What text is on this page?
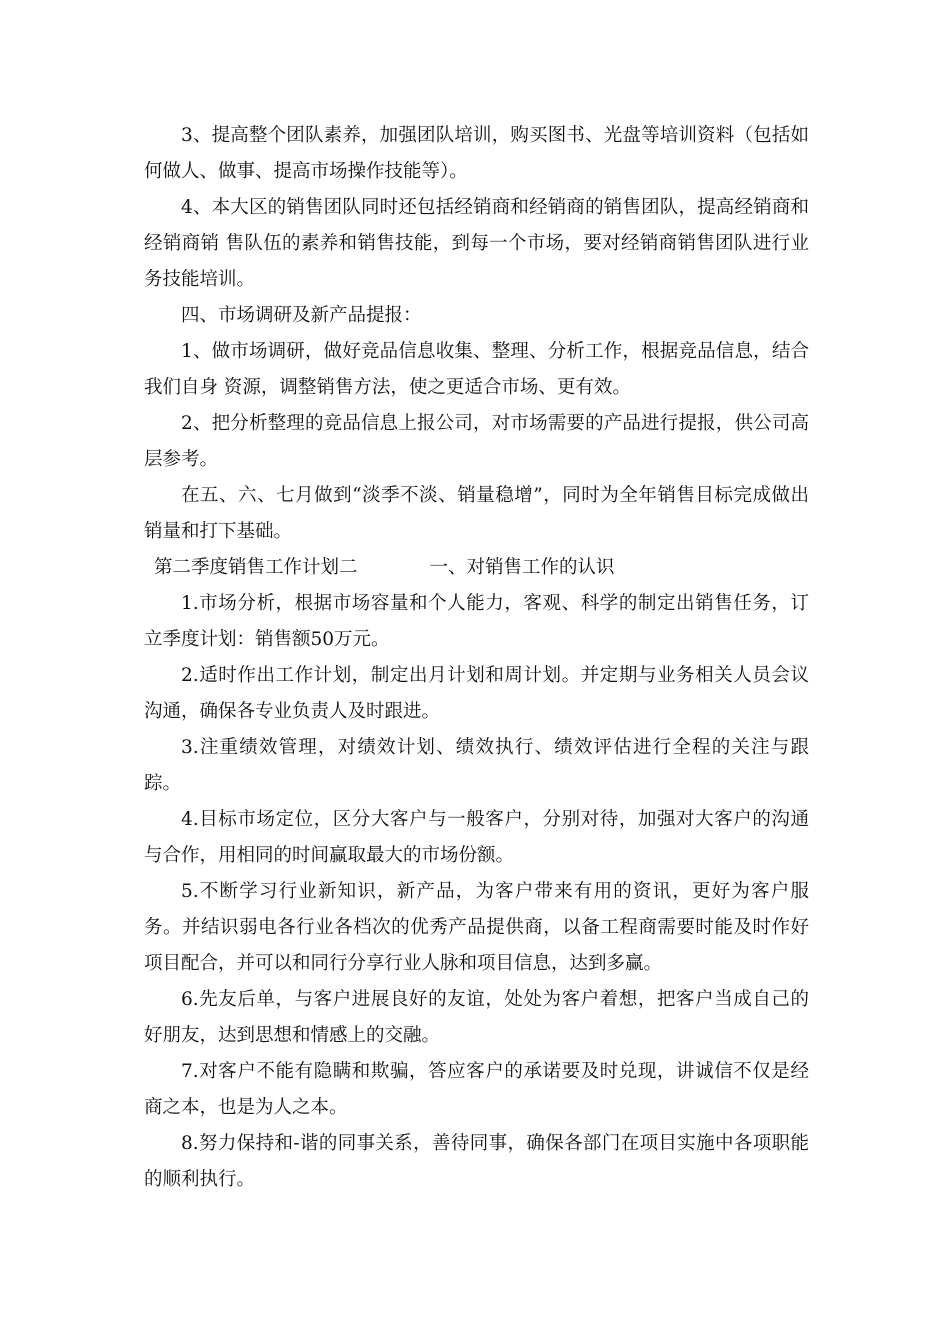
3、提高整个团队素养，加强团队培训，购买图书、光盘等培训资料（包括如何做人、做事、提高市场操作技能等）。

4、本大区的销售团队同时还包括经销商和经销商的销售团队，提高经销商和经销商销 售队伍的素养和销售技能，到每一个市场，要对经销商销售团队进行业务技能培训。

四、市场调研及新产品提报：

1、做市场调研，做好竞品信息收集、整理、分析工作，根据竞品信息，结合我们自身 资源，调整销售方法，使之更适合市场、更有效。

2、把分析整理的竞品信息上报公司，对市场需要的产品进行提报，供公司高层参考。

在五、六、七月做到“淡季不淡、销量稳增”，同时为全年销售目标完成做出销量和打下基础。

第二季度销售工作计划二	一、对销售工作的认识

1.市场分析，根据市场容量和个人能力，客观、科学的制定出销售任务，订立季度计划：销售额50万元。

2.适时作出工作计划，制定出月计划和周计划。并定期与业务相关人员会议沟通，确保各专业负责人及时跟进。

3.注重绩效管理，对绩效计划、绩效执行、绩效评估进行全程的关注与跟踪。

4.目标市场定位，区分大客户与一般客户，分别对待，加强对大客户的沟通与合作，用相同的时间赢取最大的市场份额。

5.不断学习行业新知识，新产品，为客户带来有用的资讯，更好为客户服务。并结识弱电各行业各档次的优秀产品提供商，以备工程商需要时能及时作好项目配合，并可以和同行分享行业人脉和项目信息，达到多赢。

6.先友后单，与客户进展良好的友谊，处处为客户着想，把客户当成自己的好朋友，达到思想和情感上的交融。

7.对客户不能有隐瞒和欺骗，答应客户的承诺要及时兑现，讲诚信不仅是经商之本，也是为人之本。

8.努力保持和-谐的同事关系，善待同事，确保各部门在项目实施中各项职能的顺利执行。
